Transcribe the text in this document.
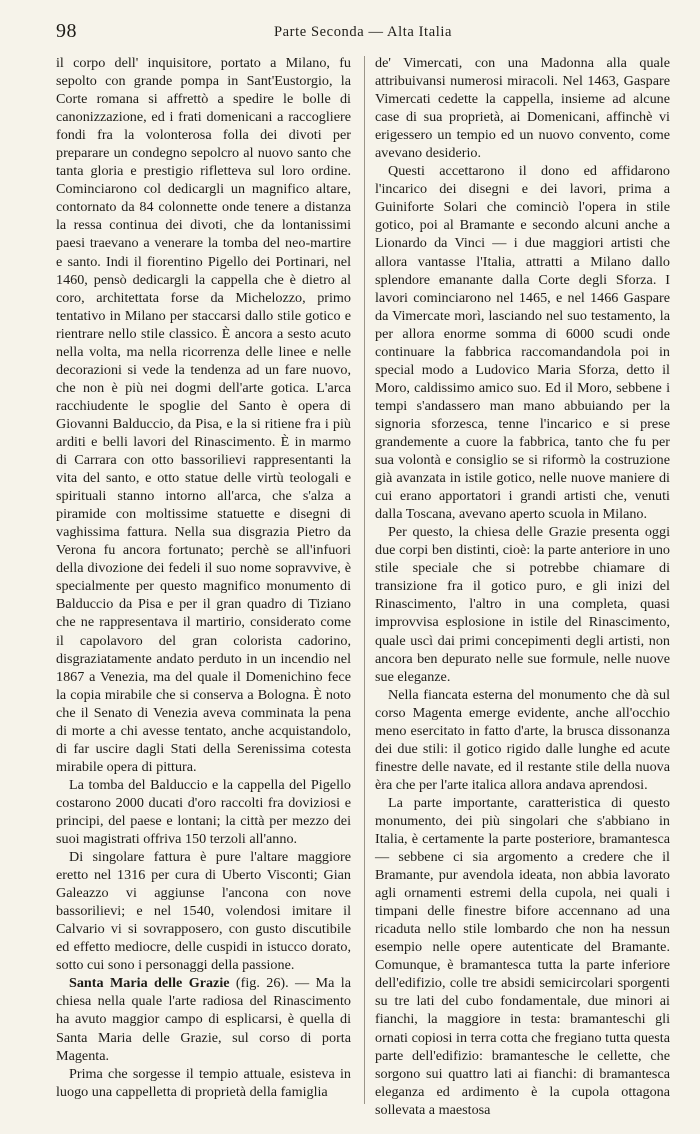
98	Parte Seconda — Alta Italia

il corpo dell' inquisitore, portato a Milano, fu sepolto con grande pompa in Sant'Eustorgio, la Corte romana si affrettò a spedire le bolle di canonizzazione, ed i frati domenicani a raccogliere fondi fra la volonterosa folla dei divoti per preparare un condegno sepolcro al nuovo santo che tanta gloria e prestigio rifletteva sul loro ordine. Cominciarono col dedicargli un magnifico altare, contornato da 84 colonnette onde tenere a distanza la ressa continua dei divoti, che da lontanissimi paesi traevano a venerare la tomba del neo-martire e santo. Indi il fiorentino Pigello dei Portinari, nel 1460, pensò dedicargli la cappella che è dietro al coro, architettata forse da Michelozzo, primo tentativo in Milano per staccarsi dallo stile gotico e rientrare nello stile classico. È ancora a sesto acuto nella volta, ma nella ricorrenza delle linee e nelle decorazioni si vede la tendenza ad un fare nuovo, che non è più nei dogmi dell'arte gotica. L'arca racchiudente le spoglie del Santo è opera di Giovanni Balduccio, da Pisa, e la si ritiene fra i più arditi e belli lavori del Rinascimento. È in marmo di Carrara con otto bassorilievi rappresentanti la vita del santo, e otto statue delle virtù teologali e spirituali stanno intorno all'arca, che s'alza a piramide con moltissime statuette e disegni di vaghissima fattura. Nella sua disgrazia Pietro da Verona fu ancora fortunato; perchè se all'infuori della divozione dei fedeli il suo nome sopravvive, è specialmente per questo magnifico monumento di Balduccio da Pisa e per il gran quadro di Tiziano che ne rappresentava il martirio, considerato come il capolavoro del gran colorista cadorino, disgraziatamente andato perduto in un incendio nel 1867 a Venezia, ma del quale il Domenichino fece la copia mirabile che si conserva a Bologna. È noto che il Senato di Venezia aveva comminata la pena di morte a chi avesse tentato, anche acquistandolo, di far uscire dagli Stati della Serenissima cotesta mirabile opera di pittura.

La tomba del Balduccio e la cappella del Pigello costarono 2000 ducati d'oro raccolti fra doviziosi e principi, del paese e lontani; la città per mezzo dei suoi magistrati offriva 150 terzoli all'anno.

Di singolare fattura è pure l'altare maggiore eretto nel 1316 per cura di Uberto Visconti; Gian Galeazzo vi aggiunse l'ancona con nove bassorilievi; e nel 1540, volendosi imitare il Calvario vi si sovrapposero, con gusto discutibile ed effetto mediocre, delle cuspidi in istucco dorato, sotto cui sono i personaggi della passione.

Santa Maria delle Grazie (fig. 26). — Ma la chiesa nella quale l'arte radiosa del Rinascimento ha avuto maggior campo di esplicarsi, è quella di Santa Maria delle Grazie, sul corso di porta Magenta.

Prima che sorgesse il tempio attuale, esisteva in luogo una cappelletta di proprietà della famiglia

de' Vimercati, con una Madonna alla quale attribuivansi numerosi miracoli. Nel 1463, Gaspare Vimercati cedette la cappella, insieme ad alcune case di sua proprietà, ai Domenicani, affinchè vi erigessero un tempio ed un nuovo convento, come avevano desiderio.

Questi accettarono il dono ed affidarono l'incarico dei disegni e dei lavori, prima a Guiniforte Solari che cominciò l'opera in stile gotico, poi al Bramante e secondo alcuni anche a Lionardo da Vinci — i due maggiori artisti che allora vantasse l'Italia, attratti a Milano dallo splendore emanante dalla Corte degli Sforza. I lavori cominciarono nel 1465, e nel 1466 Gaspare da Vimercate morì, lasciando nel suo testamento, la per allora enorme somma di 6000 scudi onde continuare la fabbrica raccomandandola poi in special modo a Ludovico Maria Sforza, detto il Moro, caldissimo amico suo. Ed il Moro, sebbene i tempi s'andassero man mano abbuiando per la signoria sforzesca, tenne l'incarico e si prese grandemente a cuore la fabbrica, tanto che fu per sua volontà e consiglio se si riformò la costruzione già avanzata in istile gotico, nelle nuove maniere di cui erano apportatori i grandi artisti che, venuti dalla Toscana, avevano aperto scuola in Milano.

Per questo, la chiesa delle Grazie presenta oggi due corpi ben distinti, cioè: la parte anteriore in uno stile speciale che si potrebbe chiamare di transizione fra il gotico puro, e gli inizi del Rinascimento, l'altro in una completa, quasi improvvisa esplosione in istile del Rinascimento, quale uscì dai primi concepimenti degli artisti, non ancora ben depurato nelle sue formule, nelle nuove sue eleganze.

Nella fiancata esterna del monumento che dà sul corso Magenta emerge evidente, anche all'occhio meno esercitato in fatto d'arte, la brusca dissonanza dei due stili: il gotico rigido dalle lunghe ed acute finestre delle navate, ed il restante stile della nuova èra che per l'arte italica allora andava aprendosi.

La parte importante, caratteristica di questo monumento, dei più singolari che s'abbiano in Italia, è certamente la parte posteriore, bramantesca — sebbene ci sia argomento a credere che il Bramante, pur avendola ideata, non abbia lavorato agli ornamenti estremi della cupola, nei quali i timpani delle finestre bifore accennano ad una ricaduta nello stile lombardo che non ha nessun esempio nelle opere autenticate del Bramante. Comunque, è bramantesca tutta la parte inferiore dell'edifizio, colle tre absidi semicircolari sporgenti su tre lati del cubo fondamentale, due minori ai fianchi, la maggiore in testa: bramanteschi gli ornati copiosi in terra cotta che fregiano tutta questa parte dell'edifizio: bramantesche le cellette, che sorgono sui quattro lati ai fianchi: di bramantesca eleganza ed ardimento è la cupola ottagona sollevata a maestosa
